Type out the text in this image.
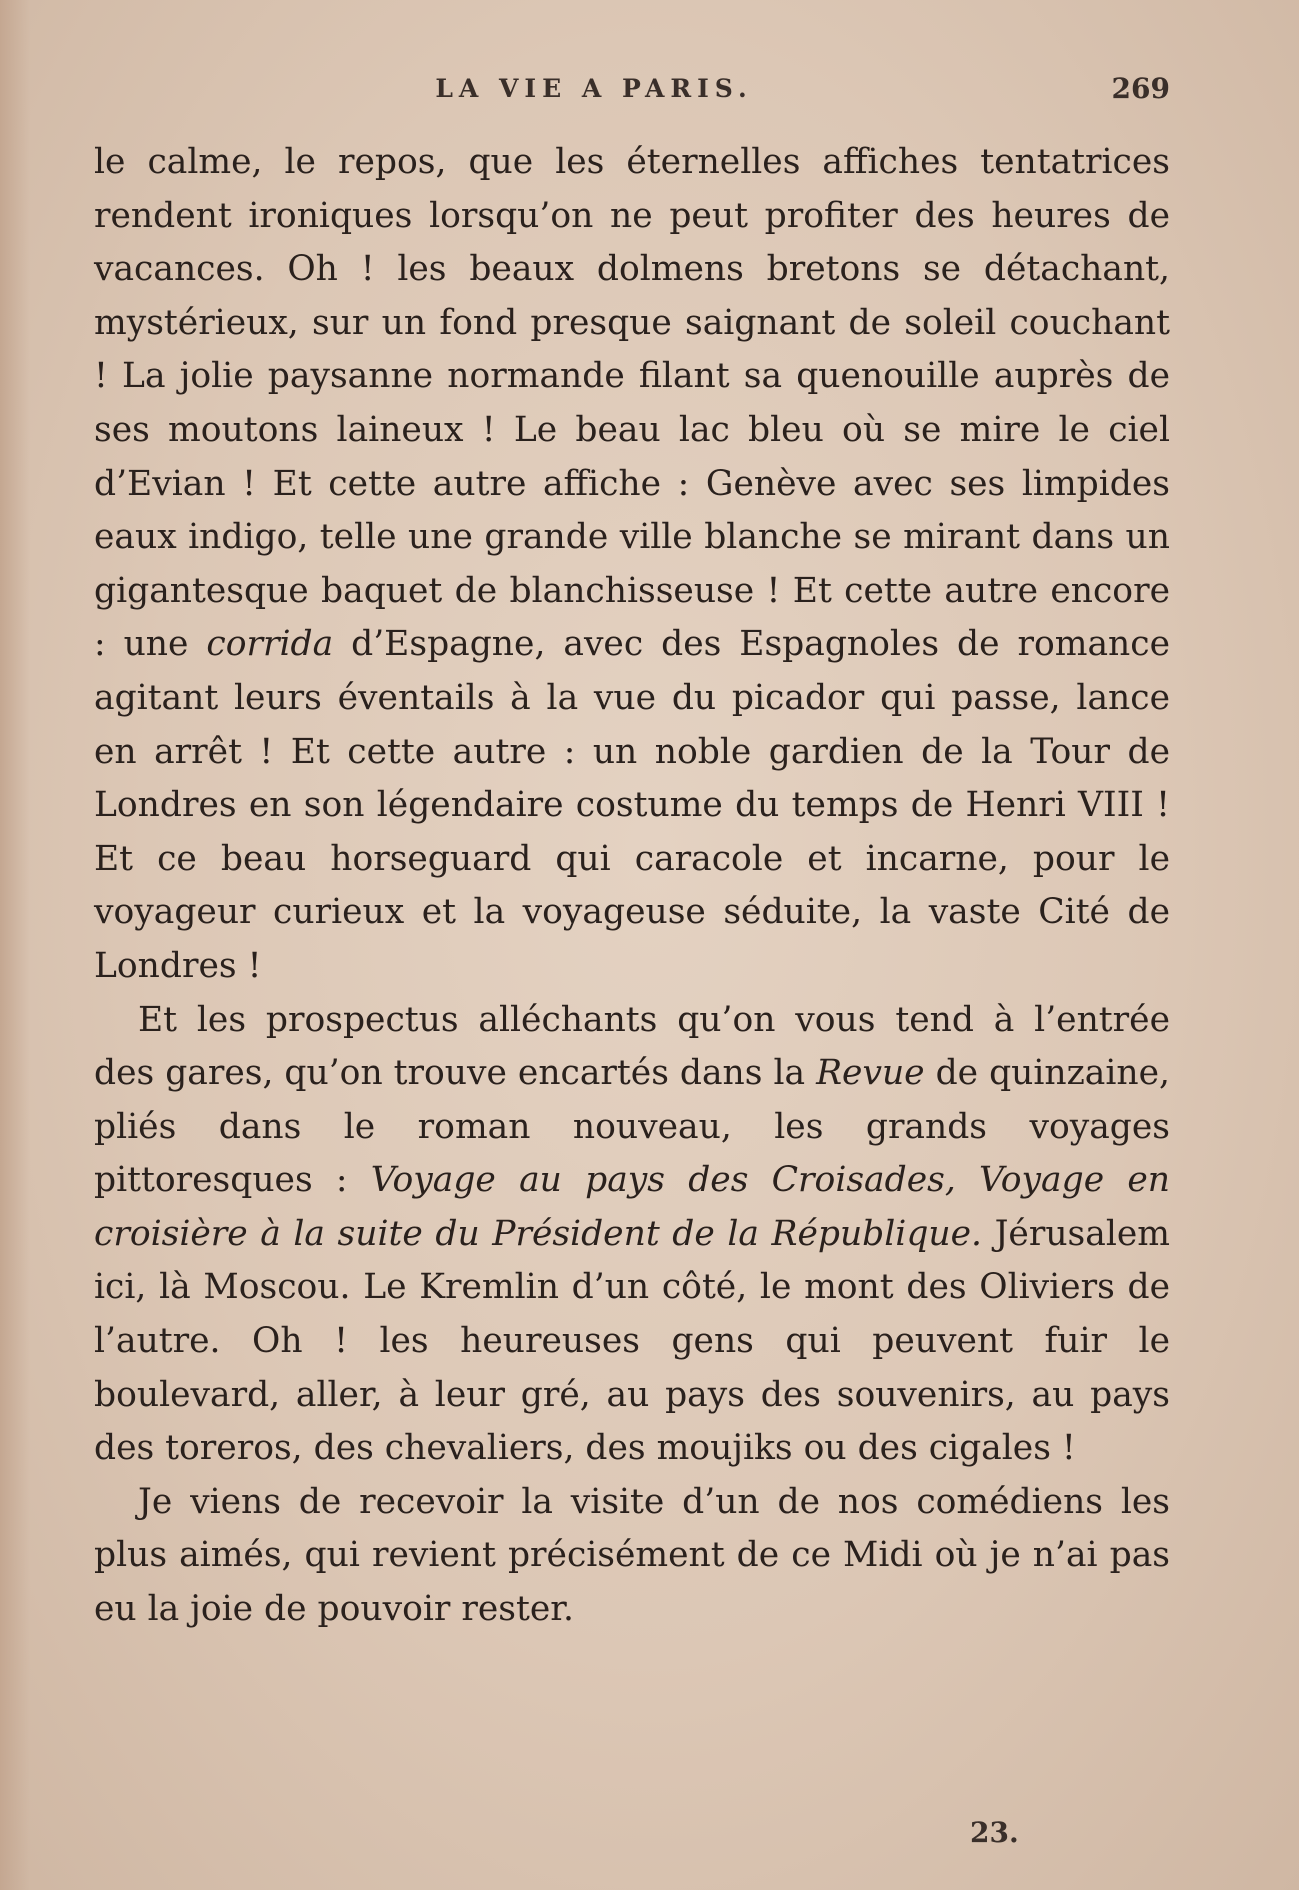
LA VIE A PARIS.	269

le calme, le repos, que les éternelles affiches tentatrices rendent ironiques lorsqu’on ne peut profiter des heures de vacances. Oh ! les beaux dolmens bretons se détachant, mystérieux, sur un fond presque saignant de soleil couchant ! La jolie paysanne normande filant sa quenouille auprès de ses moutons laineux ! Le beau lac bleu où se mire le ciel d’Evian ! Et cette autre affiche : Genève avec ses limpides eaux indigo, telle une grande ville blanche se mirant dans un gigantesque baquet de blanchisseuse ! Et cette autre encore : une corrida d’Espagne, avec des Espagnoles de romance agitant leurs éventails à la vue du picador qui passe, lance en arrêt ! Et cette autre : un noble gardien de la Tour de Londres en son légendaire costume du temps de Henri VIII ! Et ce beau horseguard qui caracole et incarne, pour le voyageur curieux et la voyageuse séduite, la vaste Cité de Londres !

Et les prospectus alléchants qu’on vous tend à l’entrée des gares, qu’on trouve encartés dans la Revue de quinzaine, pliés dans le roman nouveau, les grands voyages pittoresques : Voyage au pays des Croisades, Voyage en croisière à la suite du Président de la République. Jérusalem ici, là Moscou. Le Kremlin d’un côté, le mont des Oliviers de l’autre. Oh ! les heureuses gens qui peuvent fuir le boulevard, aller, à leur gré, au pays des souvenirs, au pays des toreros, des chevaliers, des moujiks ou des cigales !

Je viens de recevoir la visite d’un de nos comédiens les plus aimés, qui revient précisément de ce Midi où je n’ai pas eu la joie de pouvoir rester.

23.
